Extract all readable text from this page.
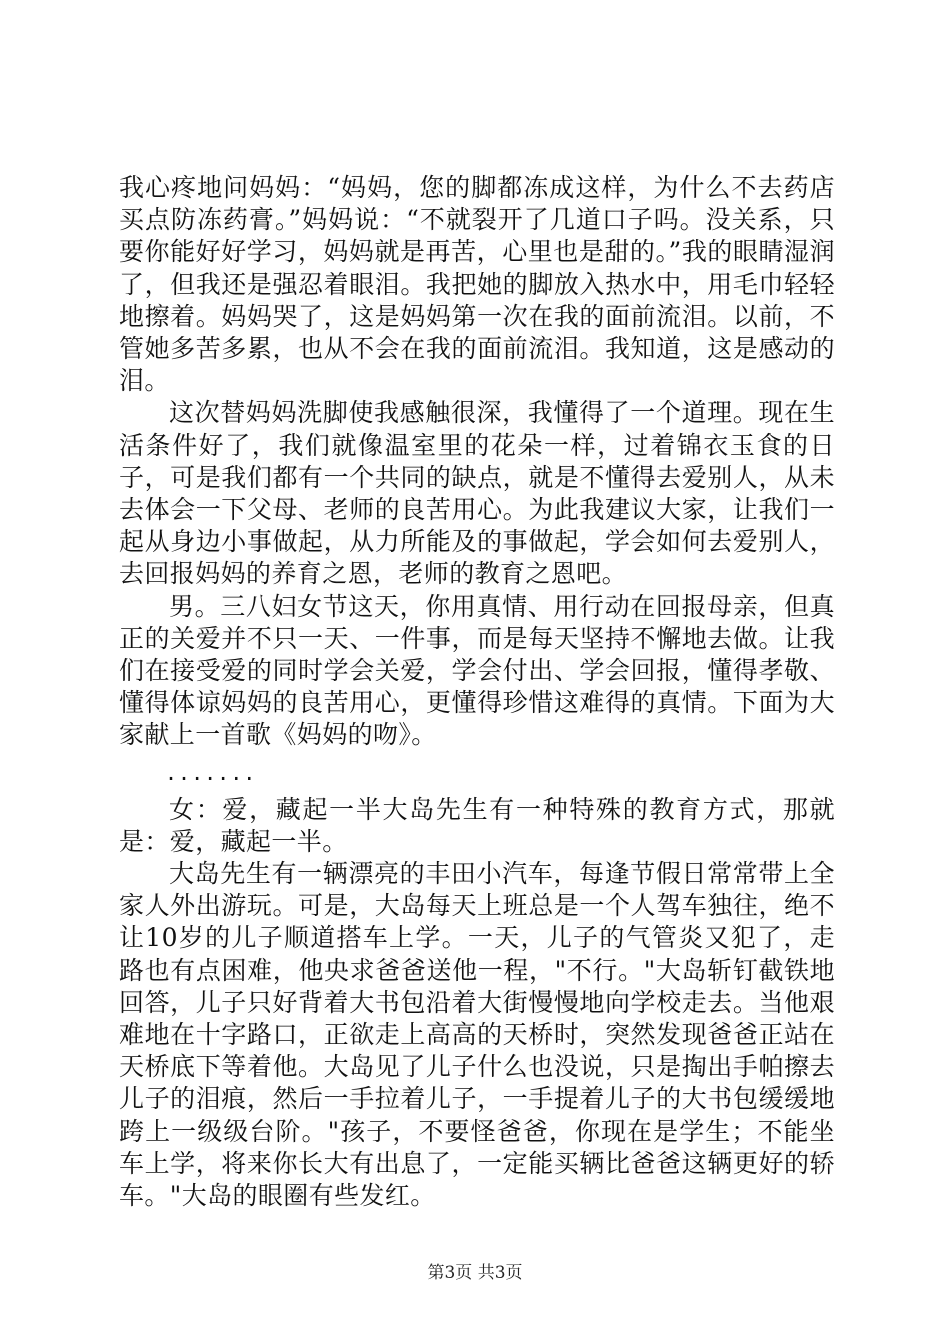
我心疼地问妈妈：“妈妈，您的脚都冻成这样，为什么不去药店买点防冻药膏。”妈妈说：“不就裂开了几道口子吗。没关系，只要你能好好学习，妈妈就是再苦，心里也是甜的。”我的眼睛湿润了，但我还是强忍着眼泪。我把她的脚放入热水中，用毛巾轻轻地擦着。妈妈哭了，这是妈妈第一次在我的面前流泪。以前，不管她多苦多累，也从不会在我的面前流泪。我知道，这是感动的泪。

这次替妈妈洗脚使我感触很深，我懂得了一个道理。现在生活条件好了，我们就像温室里的花朵一样，过着锦衣玉食的日子，可是我们都有一个共同的缺点，就是不懂得去爱别人，从未去体会一下父母、老师的良苦用心。为此我建议大家，让我们一起从身边小事做起，从力所能及的事做起，学会如何去爱别人，去回报妈妈的养育之恩，老师的教育之恩吧。

男。三八妇女节这天，你用真情、用行动在回报母亲，但真正的关爱并不只一天、一件事，而是每天坚持不懈地去做。让我们在接受爱的同时学会关爱，学会付出、学会回报，懂得孝敬、懂得体谅妈妈的良苦用心，更懂得珍惜这难得的真情。下面为大家献上一首歌《妈妈的吻》。

.......

女：爱，藏起一半大岛先生有一种特殊的教育方式，那就是：爱，藏起一半。

大岛先生有一辆漂亮的丰田小汽车，每逢节假日常常带上全家人外出游玩。可是，大岛每天上班总是一个人驾车独往，绝不让10岁的儿子顺道搭车上学。一天，儿子的气管炎又犯了，走路也有点困难，他央求爸爸送他一程，"不行。"大岛斩钉截铁地回答，儿子只好背着大书包沿着大街慢慢地向学校走去。当他艰难地在十字路口，正欲走上高高的天桥时，突然发现爸爸正站在天桥底下等着他。大岛见了儿子什么也没说，只是掏出手帕擦去儿子的泪痕，然后一手拉着儿子，一手提着儿子的大书包缓缓地跨上一级级台阶。"孩子，不要怪爸爸，你现在是学生；不能坐车上学，将来你长大有出息了，一定能买辆比爸爸这辆更好的轿车。"大岛的眼圈有些发红。

第3页 共3页
